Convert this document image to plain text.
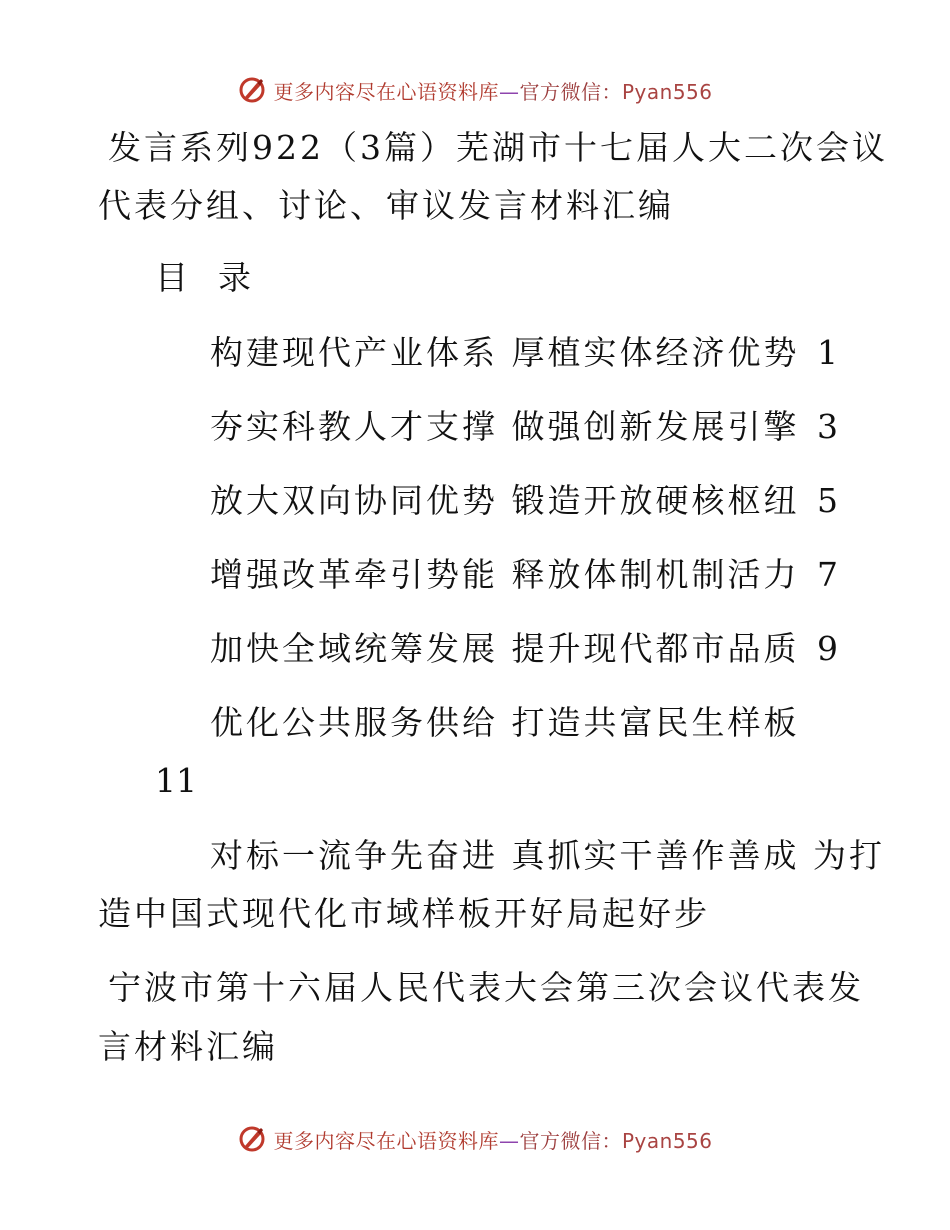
更多内容尽在心语资料库—官方微信：Pyan556
发言系列922（3篇）芜湖市十七届人大二次会议
代表分组、讨论、审议发言材料汇编
目  录
构建现代产业体系 厚植实体经济优势 1
夯实科教人才支撑 做强创新发展引擎 3
放大双向协同优势 锻造开放硬核枢纽 5
增强改革牵引势能 释放体制机制活力 7
加快全域统筹发展 提升现代都市品质 9
优化公共服务供给 打造共富民生样板
11
对标一流争先奋进 真抓实干善作善成 为打
造中国式现代化市域样板开好局起好步
宁波市第十六届人民代表大会第三次会议代表发
言材料汇编
更多内容尽在心语资料库—官方微信：Pyan556
